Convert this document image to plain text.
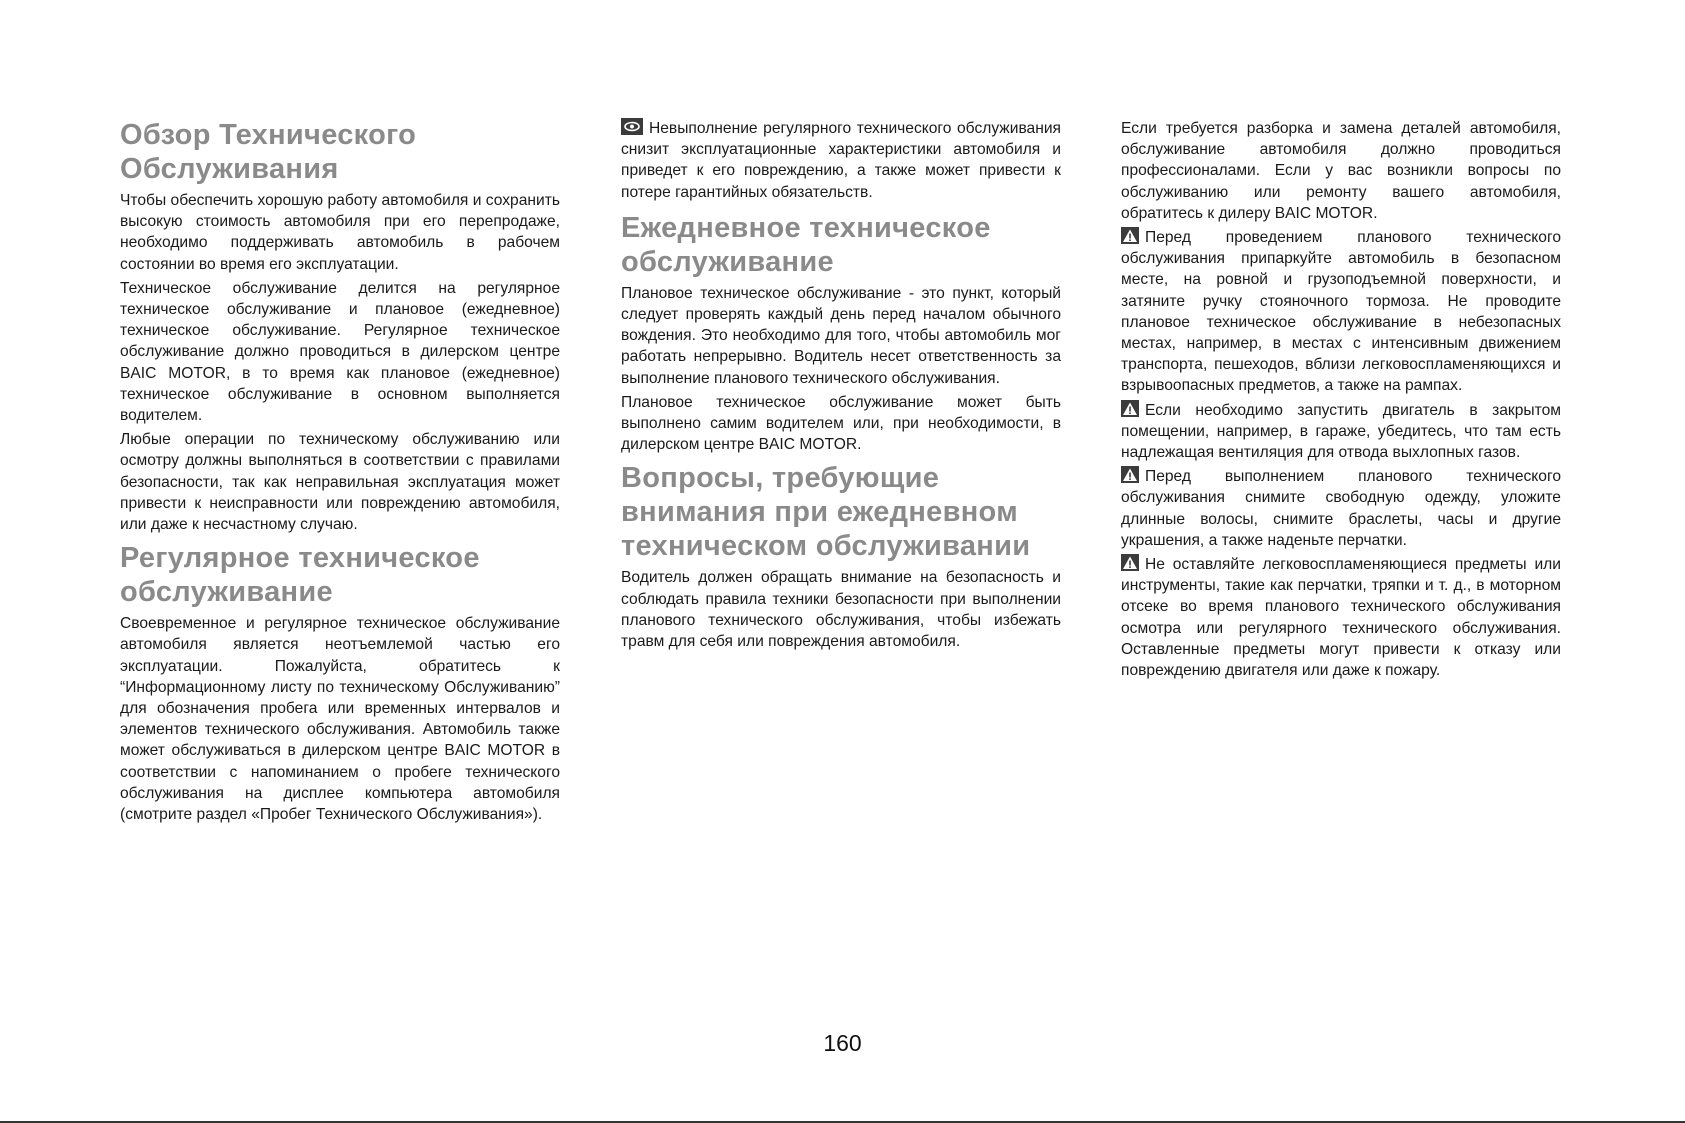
Обзор Технического Обслуживания

Чтобы обеспечить хорошую работу автомобиля и сохранить высокую стоимость автомобиля при его перепродаже, необходимо поддерживать автомобиль в рабочем состоянии во время его эксплуатации.

Техническое обслуживание делится на регулярное техническое обслуживание и плановое (ежедневное) техническое обслуживание. Регулярное техническое обслуживание должно проводиться в дилерском центре BAIC MOTOR, в то время как плановое (ежедневное) техническое обслуживание в основном выполняется водителем.

Любые операции по техническому обслуживанию или осмотру должны выполняться в соответствии с правилами безопасности, так как неправильная эксплуатация может привести к неисправности или повреждению автомобиля, или даже к несчастному случаю.

Регулярное техническое обслуживание

Своевременное и регулярное техническое обслуживание автомобиля является неотъемлемой частью его эксплуатации. Пожалуйста, обратитесь к “Информационному листу по техническому Обслуживанию” для обозначения пробега или временных интервалов и элементов технического обслуживания. Автомобиль также может обслуживаться в дилерском центре BAIC MOTOR в соответствии с напоминанием о пробеге технического обслуживания на дисплее компьютера автомобиля (смотрите раздел «Пробег Технического Обслуживания»).

Невыполнение регулярного технического обслуживания снизит эксплуатационные характеристики автомобиля и приведет к его повреждению, а также может привести к потере гарантийных обязательств.

Ежедневное техническое обслуживание

Плановое техническое обслуживание - это пункт, который следует проверять каждый день перед началом обычного вождения. Это необходимо для того, чтобы автомобиль мог работать непрерывно. Водитель несет ответственность за выполнение планового технического обслуживания.

Плановое техническое обслуживание может быть выполнено самим водителем или, при необходимости, в дилерском центре BAIC MOTOR.

Вопросы, требующие внимания при ежедневном техническом обслуживании

Водитель должен обращать внимание на безопасность и соблюдать правила техники безопасности при выполнении планового технического обслуживания, чтобы избежать травм для себя или повреждения автомобиля.

Если требуется разборка и замена деталей автомобиля, обслуживание автомобиля должно проводиться профессионалами. Если у вас возникли вопросы по обслуживанию или ремонту вашего автомобиля, обратитесь к дилеру BAIC MOTOR.

Перед проведением планового технического обслуживания припаркуйте автомобиль в безопасном месте, на ровной и грузоподъемной поверхности, и затяните ручку стояночного тормоза. Не проводите плановое техническое обслуживание в небезопасных местах, например, в местах с интенсивным движением транспорта, пешеходов, вблизи легковоспламеняющихся и взрывоопасных предметов, а также на рампах.

Если необходимо запустить двигатель в закрытом помещении, например, в гараже, убедитесь, что там есть надлежащая вентиляция для отвода выхлопных газов.

Перед выполнением планового технического обслуживания снимите свободную одежду, уложите длинные волосы, снимите браслеты, часы и другие украшения, а также наденьте перчатки.

Не оставляйте легковоспламеняющиеся предметы или инструменты, такие как перчатки, тряпки и т. д., в моторном отсеке во время планового технического обслуживания осмотра или регулярного технического обслуживания. Оставленные предметы могут привести к отказу или повреждению двигателя или даже к пожару.

160
